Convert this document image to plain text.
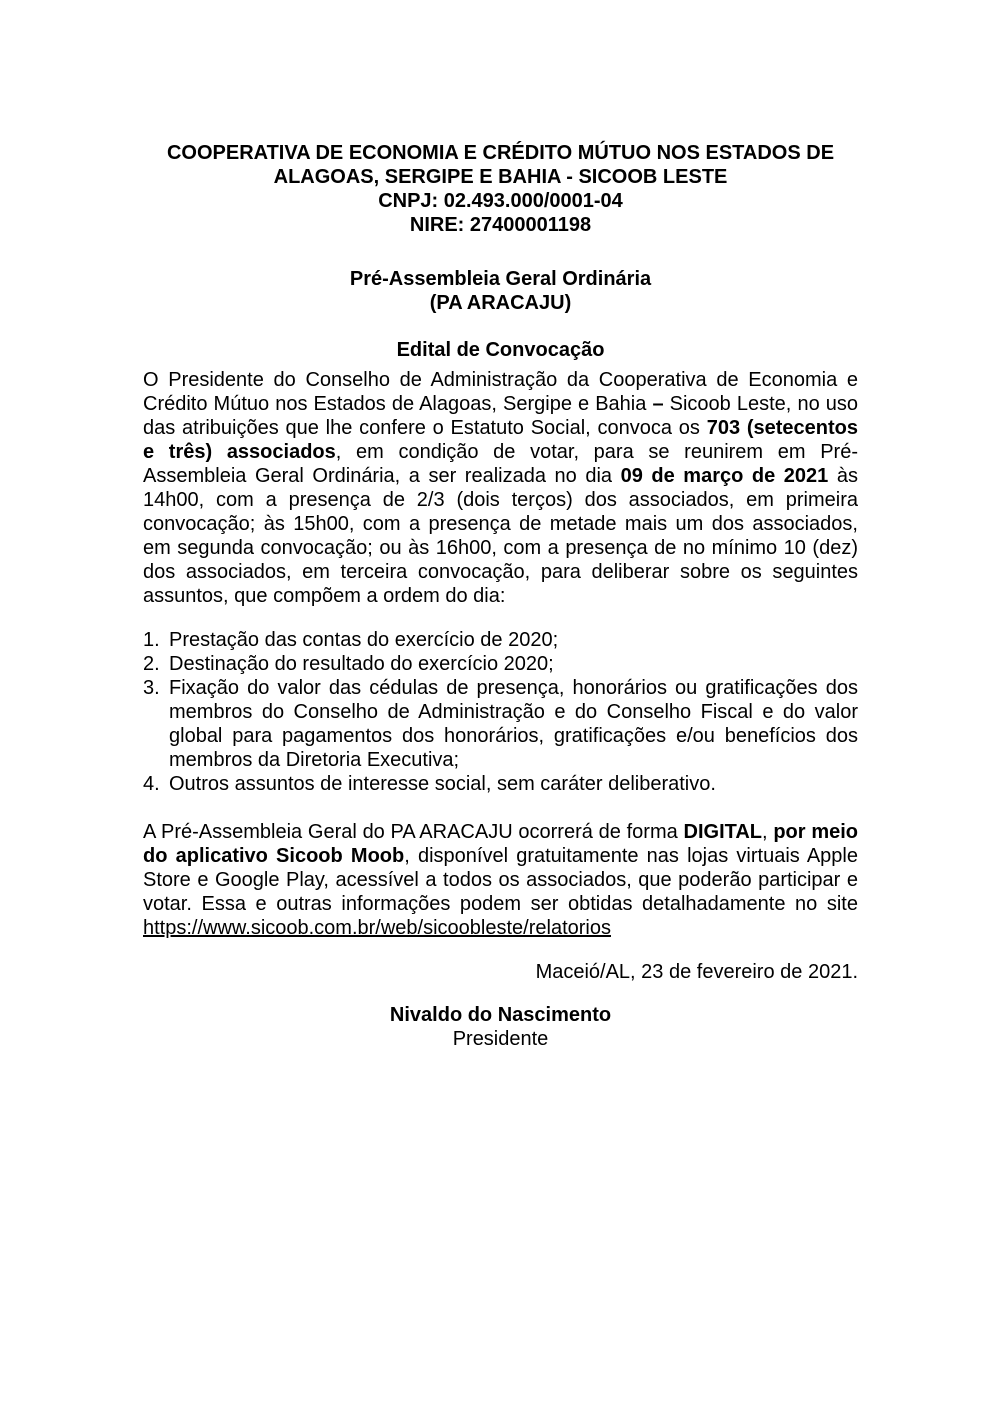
COOPERATIVA DE ECONOMIA E CRÉDITO MÚTUO NOS ESTADOS DE
ALAGOAS, SERGIPE E BAHIA - SICOOB LESTE
CNPJ: 02.493.000/0001-04
NIRE: 27400001198
Pré-Assembleia Geral Ordinária
(PA ARACAJU)
Edital de Convocação

O Presidente do Conselho de Administração da Cooperativa de Economia e Crédito Mútuo nos Estados de Alagoas, Sergipe e Bahia – Sicoob Leste, no uso das atribuições que lhe confere o Estatuto Social, convoca os 703 (setecentos e três) associados, em condição de votar, para se reunirem em Pré-Assembleia Geral Ordinária, a ser realizada no dia 09 de março de 2021 às 14h00, com a presença de 2/3 (dois terços) dos associados, em primeira convocação; às 15h00, com a presença de metade mais um dos associados, em segunda convocação; ou às 16h00, com a presença de no mínimo 10 (dez) dos associados, em terceira convocação, para deliberar sobre os seguintes assuntos, que compõem a ordem do dia:

1. Prestação das contas do exercício de 2020;
2. Destinação do resultado do exercício 2020;
3. Fixação do valor das cédulas de presença, honorários ou gratificações dos membros do Conselho de Administração e do Conselho Fiscal e do valor global para pagamentos dos honorários, gratificações e/ou benefícios dos membros da Diretoria Executiva;
4. Outros assuntos de interesse social, sem caráter deliberativo.

A Pré-Assembleia Geral do PA ARACAJU ocorrerá de forma DIGITAL, por meio do aplicativo Sicoob Moob, disponível gratuitamente nas lojas virtuais Apple Store e Google Play, acessível a todos os associados, que poderão participar e votar. Essa e outras informações podem ser obtidas detalhadamente no site https://www.sicoob.com.br/web/sicoobleste/relatorios

Maceió/AL, 23 de fevereiro de 2021.
Nivaldo do Nascimento
Presidente
